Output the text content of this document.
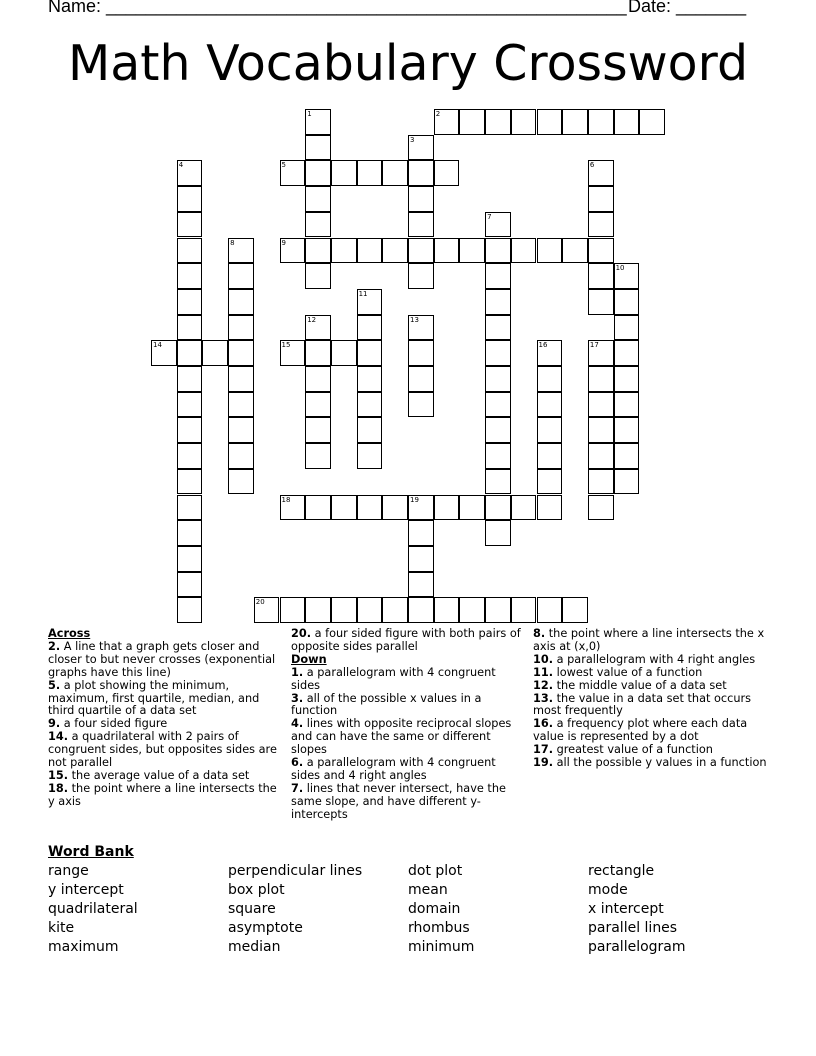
Name: ____________________________________________________ Date: _______
Math Vocabulary Crossword
1	2
3
4	5	6
7
8	9
10
11
12	13
14	15	16	17
18	19
20

Across

2. A line that a graph gets closer and closer to but never crosses (exponential graphs have this line)

5. a plot showing the minimum, maximum, first quartile, median, and third quartile of a data set

9. a four sided figure

14. a quadrilateral with 2 pairs of congruent sides, but opposites sides are not parallel

15. the average value of a data set

18. the point where a line intersects the y axis

20. a four sided figure with both pairs of opposite sides parallel

Down

1. a parallelogram with 4 congruent sides

3. all of the possible x values in a function

4. lines with opposite reciprocal slopes and can have the same or different slopes

6. a parallelogram with 4 congruent sides and 4 right angles

7. lines that never intersect, have the same slope, and have different y-intercepts

8. the point where a line intersects the x axis at (x,0)

10. a parallelogram with 4 right angles

11. lowest value of a function

12. the middle value of a data set

13. the value in a data set that occurs most frequently

16. a frequency plot where each data value is represented by a dot

17. greatest value of a function

19. all the possible y values in a function

Word Bank
range	perpendicular lines	dot plot	rectangle
y intercept	box plot	mean	mode
quadrilateral	square	domain	x intercept
kite	asymptote	rhombus	parallel lines
maximum	median	minimum	parallelogram
